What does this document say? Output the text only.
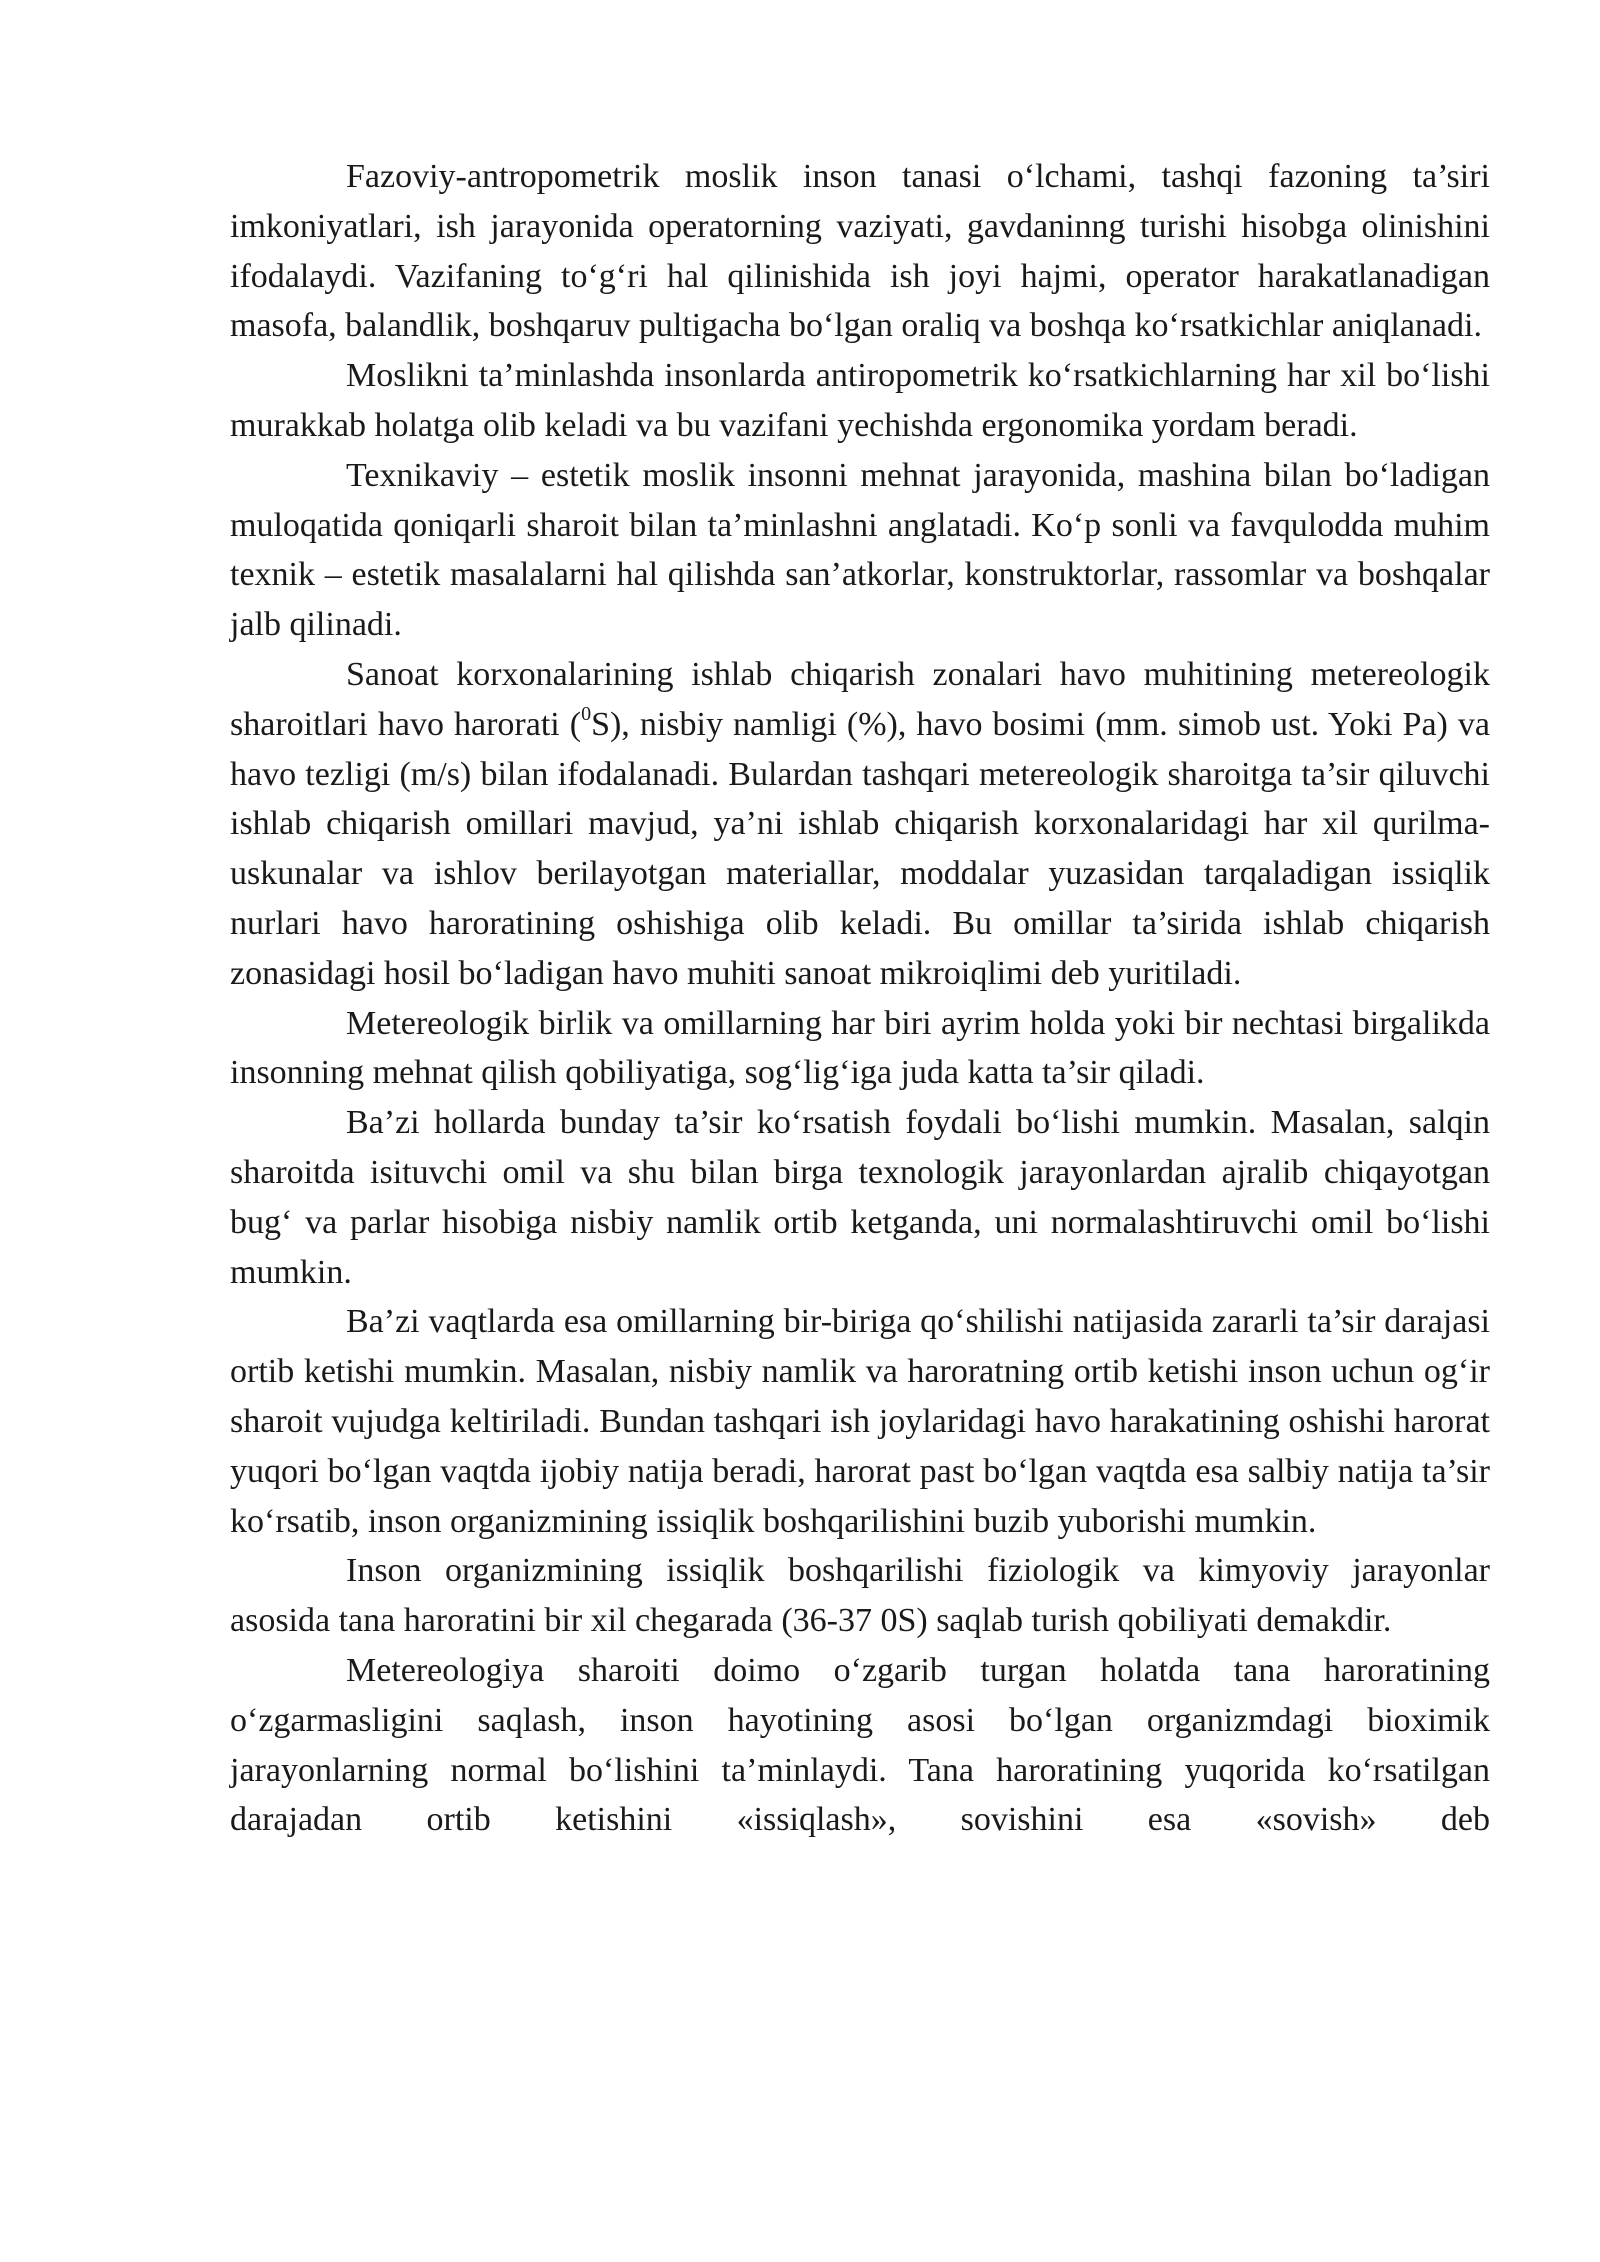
Fazoviy-antropometrik moslik inson tanasi o‘lchami, tashqi fazoning ta’siri imkoniyatlari, ish jarayonida operatorning vaziyati, gavdaninng turishi hisobga olinishini ifodalaydi. Vazifaning to‘g‘ri hal qilinishida ish joyi hajmi, operator harakatlanadigan masofa, balandlik, boshqaruv pultigacha bo‘lgan oraliq va boshqa ko‘rsatkichlar aniqlanadi.

Moslikni ta’minlashda insonlarda antiropometrik ko‘rsatkichlarning har xil bo‘lishi murakkab holatga olib keladi va bu vazifani yechishda ergonomika yordam beradi.

Texnikaviy – estetik moslik insonni mehnat jarayonida, mashina bilan bo‘ladigan muloqatida qoniqarli sharoit bilan ta’minlashni anglatadi. Ko‘p sonli va favqulodda muhim texnik – estetik masalalarni hal qilishda san’atkorlar, konstruktorlar, rassomlar va boshqalar jalb qilinadi.

Sanoat korxonalarining ishlab chiqarish zonalari havo muhitining metereologik sharoitlari havo harorati ($^0$S), nisbiy namligi (%), havo bosimi (mm. simob ust. Yoki Pa) va havo tezligi (m/s) bilan ifodalanadi. Bulardan tashqari metereologik sharoitga ta’sir qiluvchi ishlab chiqarish omillari mavjud, ya’ni ishlab chiqarish korxonalaridagi har xil qurilma-uskunalar va ishlov berilayotgan materiallar, moddalar yuzasidan tarqaladigan issiqlik nurlari havo haroratining oshishiga olib keladi. Bu omillar ta’sirida ishlab chiqarish zonasidagi hosil bo‘ladigan havo muhiti sanoat mikroiqlimi deb yuritiladi.

Metereologik birlik va omillarning har biri ayrim holda yoki bir nechtasi birgalikda insonning mehnat qilish qobiliyatiga, sog‘lig‘iga juda katta ta’sir qiladi.

Ba’zi hollarda bunday ta’sir ko‘rsatish foydali bo‘lishi mumkin. Masalan, salqin sharoitda isituvchi omil va shu bilan birga texnologik jarayonlardan ajralib chiqayotgan bug‘ va parlar hisobiga nisbiy namlik ortib ketganda, uni normalashtiruvchi omil bo‘lishi mumkin.

Ba’zi vaqtlarda esa omillarning bir-biriga qo‘shilishi natijasida zararli ta’sir darajasi ortib ketishi mumkin. Masalan, nisbiy namlik va haroratning ortib ketishi inson uchun og‘ir sharoit vujudga keltiriladi. Bundan tashqari ish joylaridagi havo harakatining oshishi harorat yuqori bo‘lgan vaqtda ijobiy natija beradi, harorat past bo‘lgan vaqtda esa salbiy natija ta’sir ko‘rsatib, inson organizmining issiqlik boshqarilishini buzib yuborishi mumkin.

Inson organizmining issiqlik boshqarilishi fiziologik va kimyoviy jarayonlar asosida tana haroratini bir xil chegarada (36-37 0S) saqlab turish qobiliyati demakdir.

Metereologiya sharoiti doimo o‘zgarib turgan holatda tana haroratining o‘zgarmasligini saqlash, inson hayotining asosi bo‘lgan organizmdagi bioximik jarayonlarning normal bo‘lishini ta’minlaydi. Tana haroratining yuqorida ko‘rsatilgan darajadan ortib ketishini «issiqlash», sovishini esa «sovish» deb
